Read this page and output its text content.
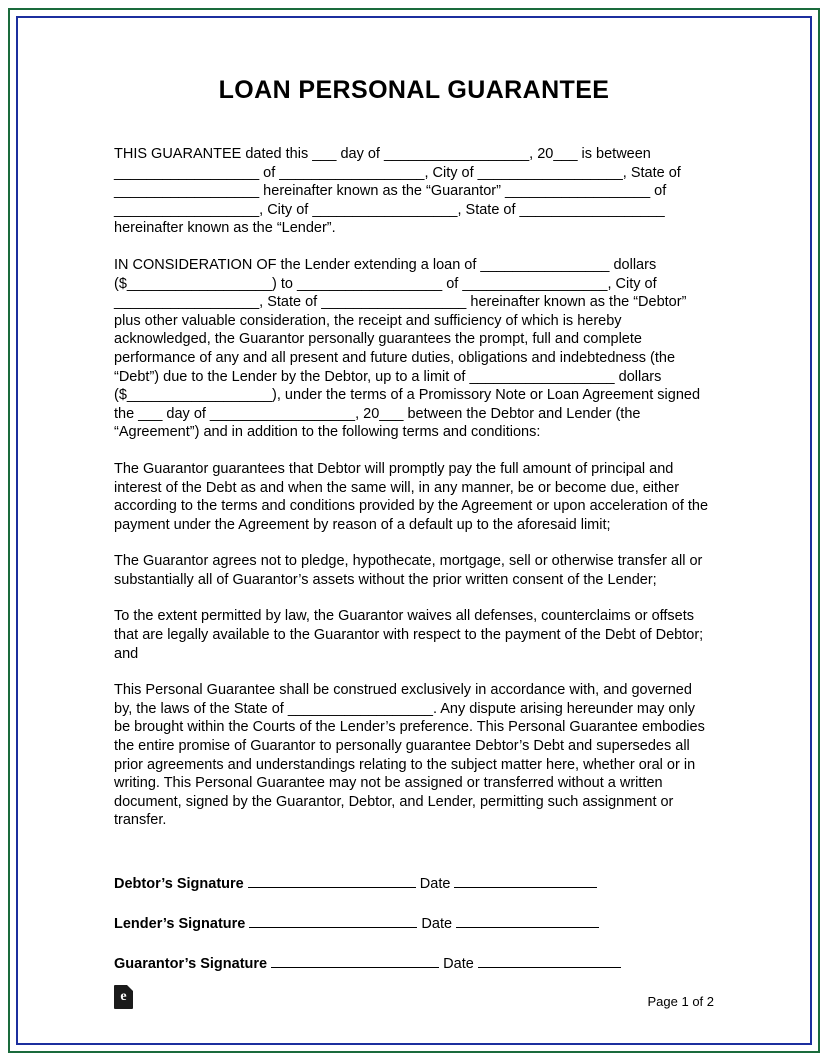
LOAN PERSONAL GUARANTEE

THIS GUARANTEE dated this ___ day of __________________, 20___ is between __________________ of __________________, City of __________________, State of __________________ hereinafter known as the “Guarantor” __________________ of __________________, City of __________________, State of __________________ hereinafter known as the “Lender”.

IN CONSIDERATION OF the Lender extending a loan of ________________ dollars ($__________________) to __________________ of __________________, City of __________________, State of __________________ hereinafter known as the “Debtor” plus other valuable consideration, the receipt and sufficiency of which is hereby acknowledged, the Guarantor personally guarantees the prompt, full and complete performance of any and all present and future duties, obligations and indebtedness (the “Debt”) due to the Lender by the Debtor, up to a limit of __________________ dollars ($__________________), under the terms of a Promissory Note or Loan Agreement signed the ___ day of __________________, 20___ between the Debtor and Lender (the “Agreement”) and in addition to the following terms and conditions:

The Guarantor guarantees that Debtor will promptly pay the full amount of principal and interest of the Debt as and when the same will, in any manner, be or become due, either according to the terms and conditions provided by the Agreement or upon acceleration of the payment under the Agreement by reason of a default up to the aforesaid limit;

The Guarantor agrees not to pledge, hypothecate, mortgage, sell or otherwise transfer all or substantially all of Guarantor’s assets without the prior written consent of the Lender;

To the extent permitted by law, the Guarantor waives all defenses, counterclaims or offsets that are legally available to the Guarantor with respect to the payment of the Debt of Debtor; and

This Personal Guarantee shall be construed exclusively in accordance with, and governed by, the laws of the State of __________________. Any dispute arising hereunder may only be brought within the Courts of the Lender’s preference. This Personal Guarantee embodies the entire promise of Guarantor to personally guarantee Debtor’s Debt and supersedes all prior agreements and understandings relating to the subject matter here, whether oral or in writing. This Personal Guarantee may not be assigned or transferred without a written document, signed by the Guarantor, Debtor, and Lender, permitting such assignment or transfer.

Debtor’s Signature	Date
Lender’s Signature	Date
Guarantor’s Signature	Date
e
Page 1 of 2
